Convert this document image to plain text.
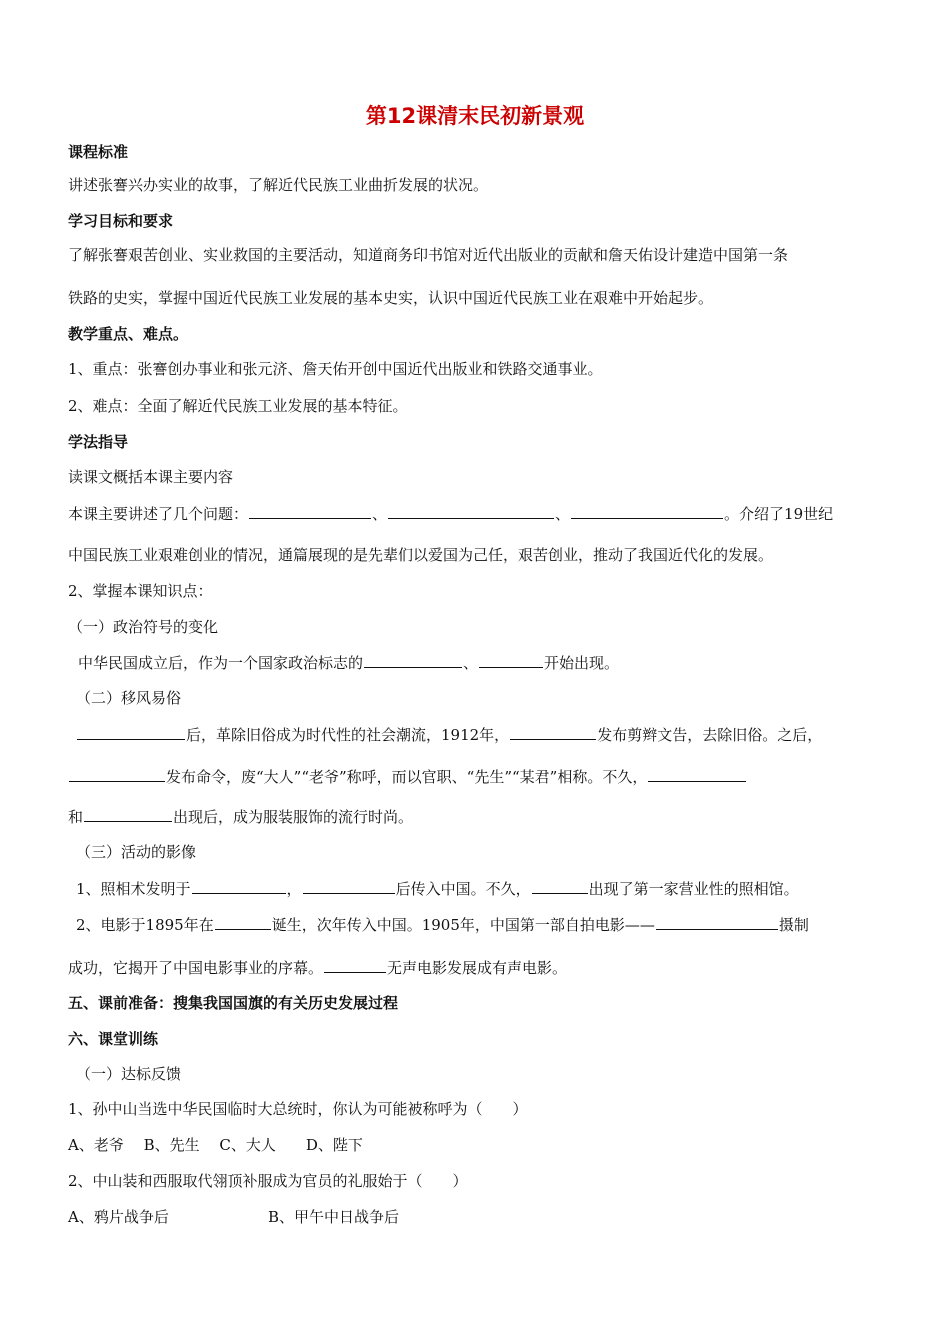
第12课清末民初新景观
课程标准
讲述张謇兴办实业的故事，了解近代民族工业曲折发展的状况。
学习目标和要求
了解张謇艰苦创业、实业救国的主要活动，知道商务印书馆对近代出版业的贡献和詹天佑设计建造中国第一条
铁路的史实，掌握中国近代民族工业发展的基本史实，认识中国近代民族工业在艰难中开始起步。
教学重点、难点。
1、重点：张謇创办事业和张元济、詹天佑开创中国近代出版业和铁路交通事业。
2、难点：全面了解近代民族工业发展的基本特征。
学法指导
读课文概括本课主要内容
本课主要讲述了几个问题：	、	、	。介绍了19世纪
中国民族工业艰难创业的情况，通篇展现的是先辈们以爱国为己任，艰苦创业，推动了我国近代化的发展。
2、掌握本课知识点：
（一）政治符号的变化
中华民国成立后，作为一个国家政治标志的	、	开始出现。
（二）移风易俗
后，革除旧俗成为时代性的社会潮流，1912年，	发布剪辫文告，去除旧俗。之后，
发布命令，废“大人”“老爷”称呼，而以官职、“先生”“某君”相称。不久，
和	出现后，成为服装服饰的流行时尚。
（三）活动的影像
1、照相术发明于	，	后传入中国。不久，	出现了第一家营业性的照相馆。
2、电影于1895年在	诞生，次年传入中国。1905年，中国第一部自拍电影——	摄制
成功，它揭开了中国电影事业的序幕。	无声电影发展成有声电影。
五、课前准备：搜集我国国旗的有关历史发展过程
六、课堂训练
（一）达标反馈
1、孙中山当选中华民国临时大总统时，你认为可能被称呼为（　　）
A、老爷　 B、先生　 C、大人　　D、陛下
2、中山装和西服取代翎顶补服成为官员的礼服始于（　　）
A、鸦片战争后	B、甲午中日战争后
